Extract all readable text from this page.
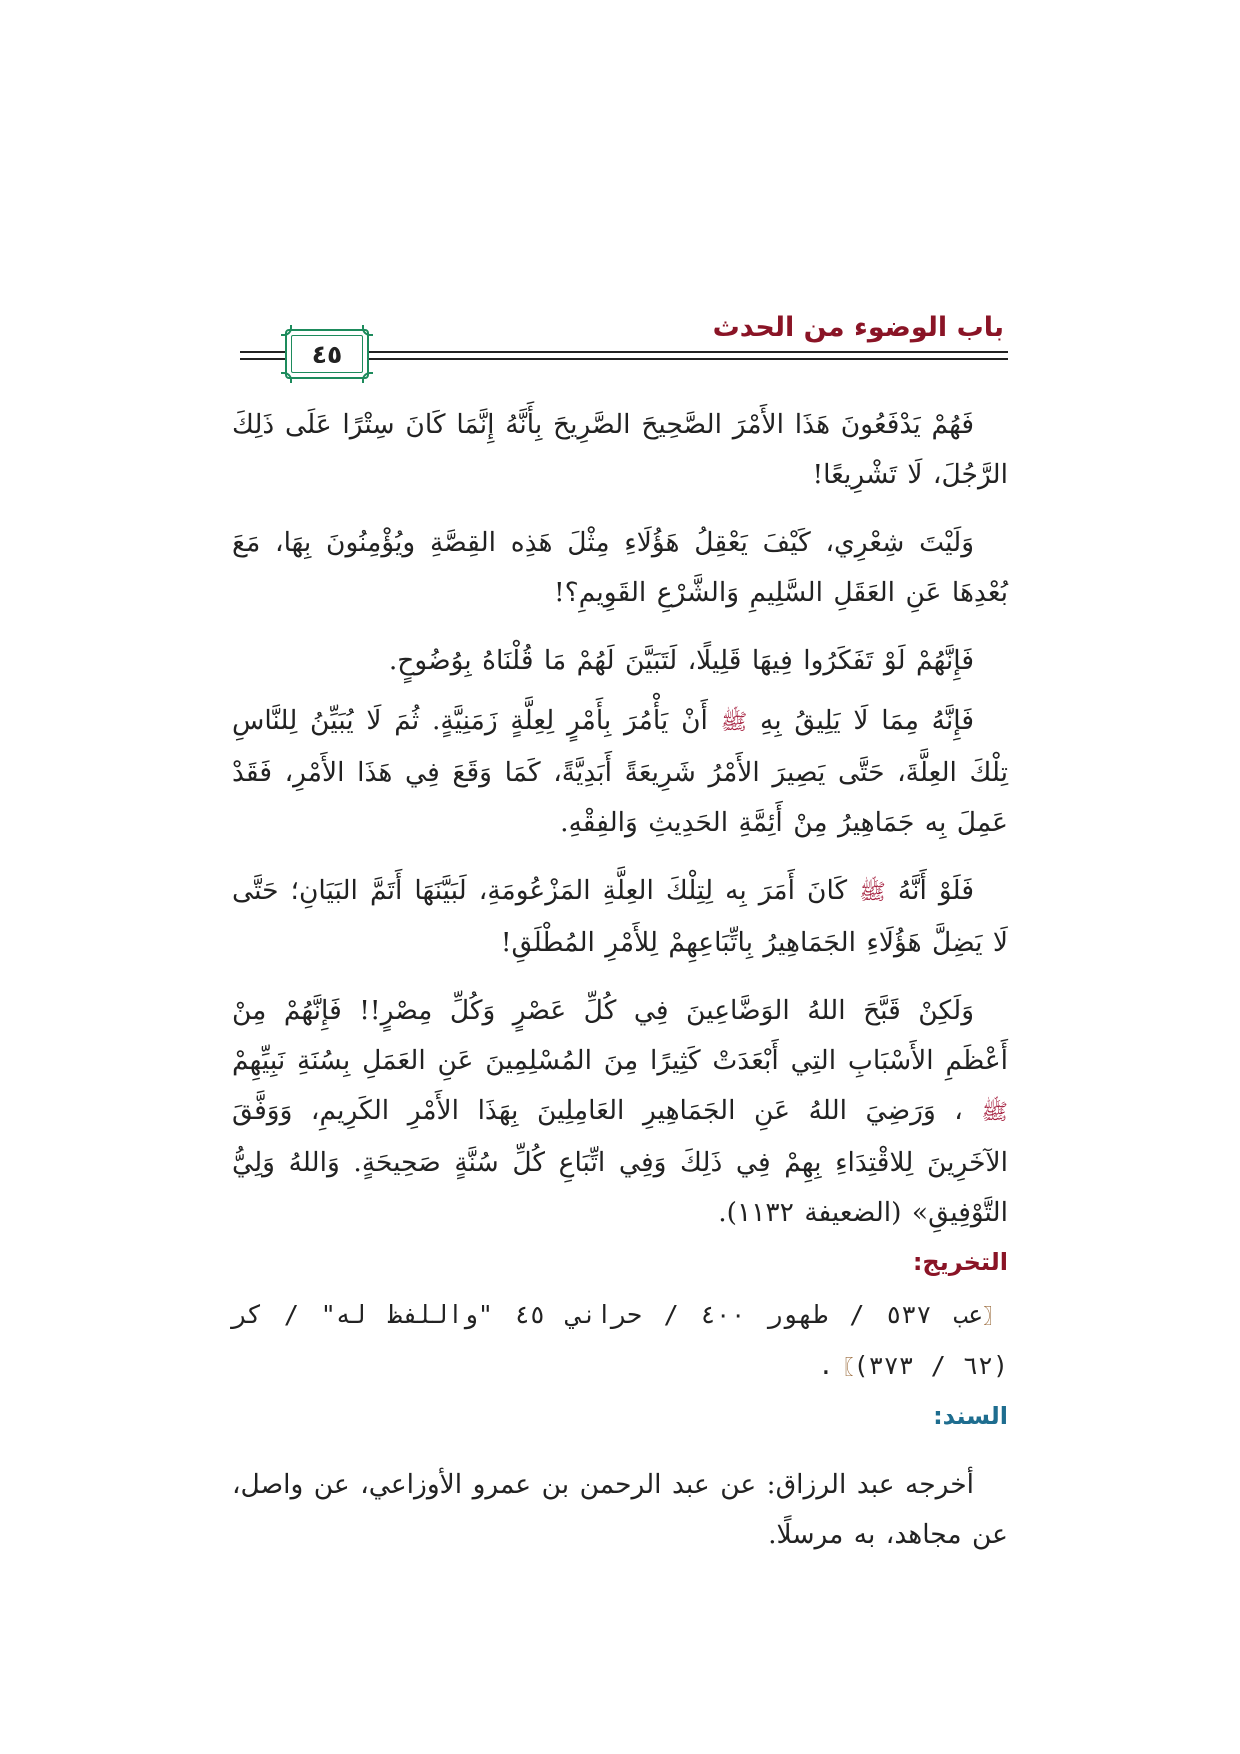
باب الوضوء من الحدث
٤٥

فَهُمْ يَدْفَعُونَ هَذَا الأَمْرَ الصَّحِيحَ الصَّرِيحَ بِأَنَّهُ إِنَّمَا كَانَ سِتْرًا عَلَى ذَلِكَ الرَّجُلَ، لَا تَشْرِيعًا!

وَلَيْتَ شِعْرِي، كَيْفَ يَعْقِلُ هَؤُلَاءِ مِثْلَ هَذِه القِصَّةِ ويُؤْمِنُونَ بِهَا، مَعَ بُعْدِهَا عَنِ العَقَلِ السَّلِيمِ وَالشَّرْعِ القَوِيمِ؟!

فَإِنَّهُمْ لَوْ تَفَكَرُوا فِيهَا قَلِيلًا، لَتَبَيَّنَ لَهُمْ مَا قُلْنَاهُ بِوُضُوحٍ.

فَإِنَّهُ مِمَا لَا يَلِيقُ بِهِ ﷺ أَنْ يَأْمُرَ بِأَمْرٍ لِعِلَّةٍ زَمَنِيَّةٍ. ثُمَ لَا يُبَيِّنُ لِلنَّاسِ تِلْكَ العِلَّةَ، حَتَّى يَصِيرَ الأَمْرُ شَرِيعَةً أَبَدِيَّةً، كَمَا وَقَعَ فِي هَذَا الأَمْرِ، فَقَدْ عَمِلَ بِه جَمَاهِيرُ مِنْ أَئِمَّةِ الحَدِيثِ وَالفِقْهِ.

فَلَوْ أَنَّهُ ﷺ كَانَ أَمَرَ بِه لِتِلْكَ العِلَّةِ المَزْعُومَةِ، لَبَيَّنَهَا أَتَمَّ البَيَانِ؛ حَتَّى لَا يَضِلَّ هَؤُلَاءِ الجَمَاهِيرُ بِاتِّبَاعِهِمْ لِلأَمْرِ المُطْلَقِ!

وَلَكِنْ قَبَّحَ اللهُ الوَضَّاعِينَ فِي كُلِّ عَصْرٍ وَكُلِّ مِصْرٍ!! فَإِنَّهُمْ مِنْ أَعْظَمِ الأَسْبَابِ التِي أَبْعَدَتْ كَثِيرًا مِنَ المُسْلِمِينَ عَنِ العَمَلِ بِسُنَةِ نَبِيِّهِمْ ﷺ ، وَرَضِيَ اللهُ عَنِ الجَمَاهِيرِ العَامِلِينَ بِهَذَا الأَمْرِ الكَرِيمِ، وَوَفَّقَ الآخَرِينَ لِلاقْتِدَاءِ بِهِمْ فِي ذَلِكَ وَفِي اتِّبَاعِ كُلِّ سُنَّةٍ صَحِيحَةٍ. وَاللهُ وَلِيُّ التَّوْفِيقِ» (الضعيفة ١١٣٢).

التخريج:

〖عب ٥٣٧ / طهور ٤٠٠ / حراني ٤٥ "واللفظ له" / كر (٦٢ / ٣٧٣)〗.

السند:

أخرجه عبد الرزاق: عن عبد الرحمن بن عمرو الأوزاعي، عن واصل، عن مجاهد، به مرسلًا.
